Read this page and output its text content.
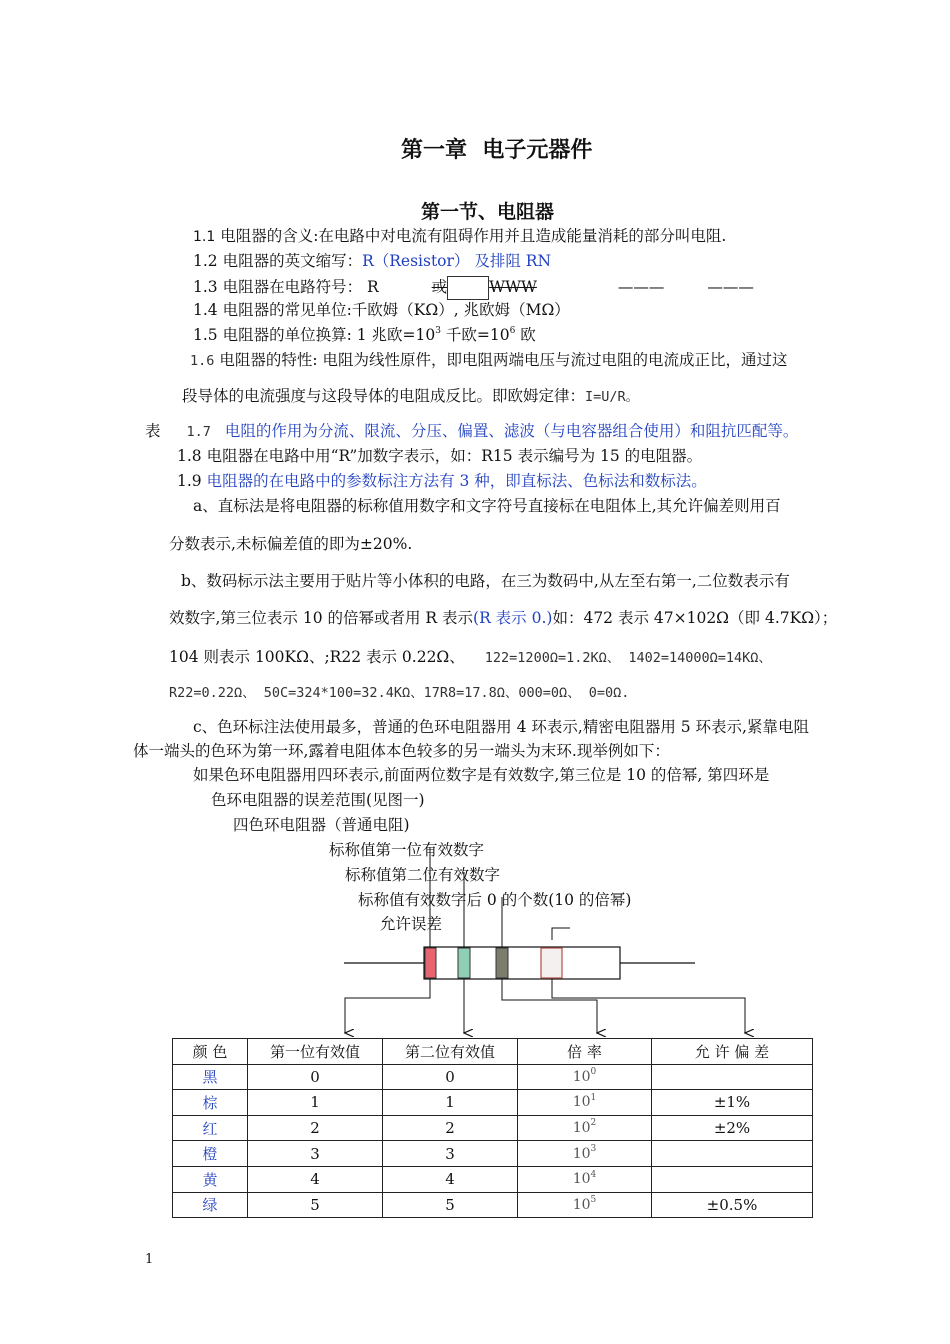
第一章 电子元器件
第一节、电阻器
1.1 电阻器的含义:在电路中对电流有阻碍作用并且造成能量消耗的部分叫电阻.
1.2 电阻器的英文缩写：R（Resistor） 及排阻 RN
1.3 电阻器在电路符号： R	或	WWW	———	———
1.4 电阻器的常见单位:千欧姆（KΩ）, 兆欧姆（MΩ）
1.5 电阻器的单位换算: 1 兆欧$=10^3$ 千欧$=10^6$ 欧
1.6 电阻器的特性: 电阻为线性原件，即电阻两端电压与流过电阻的电流成正比，通过这
段导体的电流强度与这段导体的电阻成反比。即欧姆定律：I=U/R。
表 1.7 电阻的作用为分流、限流、分压、偏置、滤波（与电容器组合使用）和阻抗匹配等。
1.8 电阻器在电路中用“R”加数字表示，如：R15 表示编号为 15 的电阻器。
1.9 电阻器的在电路中的参数标注方法有 3 种，即直标法、色标法和数标法。
a、直标法是将电阻器的标称值用数字和文字符号直接标在电阻体上,其允许偏差则用百
分数表示,未标偏差值的即为±20%.
b、数码标示法主要用于贴片等小体积的电路，在三为数码中,从左至右第一,二位数表示有
效数字,第三位表示 10 的倍幂或者用 R 表示(R 表示 0.)如：472 表示 47×102Ω（即 4.7KΩ）；
104 则表示 100KΩ、;R22 表示 0.22Ω、 122=1200Ω=1.2KΩ、 1402=14000Ω=14KΩ、
R22=0.22Ω、 50C=324*100=32.4KΩ、17R8=17.8Ω、000=0Ω、 0=0Ω.
c、色环标注法使用最多，普通的色环电阻器用 4 环表示,精密电阻器用 5 环表示,紧靠电阻
体一端头的色环为第一环,露着电阻体本色较多的另一端头为末环.现举例如下：
如果色环电阻器用四环表示,前面两位数字是有效数字,第三位是 10 的倍幂, 第四环是
色环电阻器的误差范围(见图一)
四色环电阻器（普通电阻)
标称值第一位有效数字
标称值第二位有效数字
标称值有效数字后 0 的个数(10 的倍幂)
允许误差
颜 色	第一位有效值	第二位有效值	倍 率	允 许 偏 差
黑	0	0	$10^0$	
棕	1	1	$10^1$	±1%
红	2	2	$10^2$	±2%
橙	3	3	$10^3$	
黄	4	4	$10^4$	
绿	5	5	$10^5$	±0.5%
1
